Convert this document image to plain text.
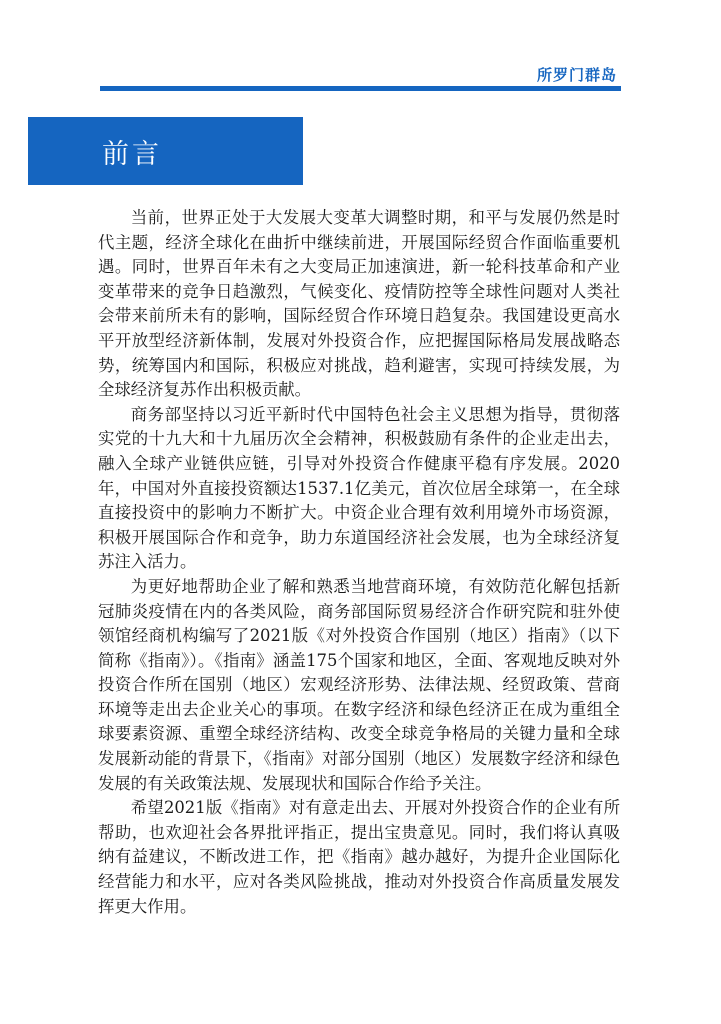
所罗门群岛
前言

当前，世界正处于大发展大变革大调整时期，和平与发展仍然是时代主题，经济全球化在曲折中继续前进，开展国际经贸合作面临重要机遇。同时，世界百年未有之大变局正加速演进，新一轮科技革命和产业变革带来的竞争日趋激烈，气候变化、疫情防控等全球性问题对人类社会带来前所未有的影响，国际经贸合作环境日趋复杂。我国建设更高水平开放型经济新体制，发展对外投资合作，应把握国际格局发展战略态势，统筹国内和国际，积极应对挑战，趋利避害，实现可持续发展，为全球经济复苏作出积极贡献。

商务部坚持以习近平新时代中国特色社会主义思想为指导，贯彻落实党的十九大和十九届历次全会精神，积极鼓励有条件的企业走出去，融入全球产业链供应链，引导对外投资合作健康平稳有序发展。2020年，中国对外直接投资额达1537.1亿美元，首次位居全球第一，在全球直接投资中的影响力不断扩大。中资企业合理有效利用境外市场资源，积极开展国际合作和竞争，助力东道国经济社会发展，也为全球经济复苏注入活力。

为更好地帮助企业了解和熟悉当地营商环境，有效防范化解包括新冠肺炎疫情在内的各类风险，商务部国际贸易经济合作研究院和驻外使领馆经商机构编写了2021版《对外投资合作国别（地区）指南》（以下简称《指南》）。《指南》涵盖175个国家和地区，全面、客观地反映对外投资合作所在国别（地区）宏观经济形势、法律法规、经贸政策、营商环境等走出去企业关心的事项。在数字经济和绿色经济正在成为重组全球要素资源、重塑全球经济结构、改变全球竞争格局的关键力量和全球发展新动能的背景下，《指南》对部分国别（地区）发展数字经济和绿色发展的有关政策法规、发展现状和国际合作给予关注。

希望2021版《指南》对有意走出去、开展对外投资合作的企业有所帮助，也欢迎社会各界批评指正，提出宝贵意见。同时，我们将认真吸纳有益建议，不断改进工作，把《指南》越办越好，为提升企业国际化经营能力和水平，应对各类风险挑战，推动对外投资合作高质量发展发挥更大作用。
